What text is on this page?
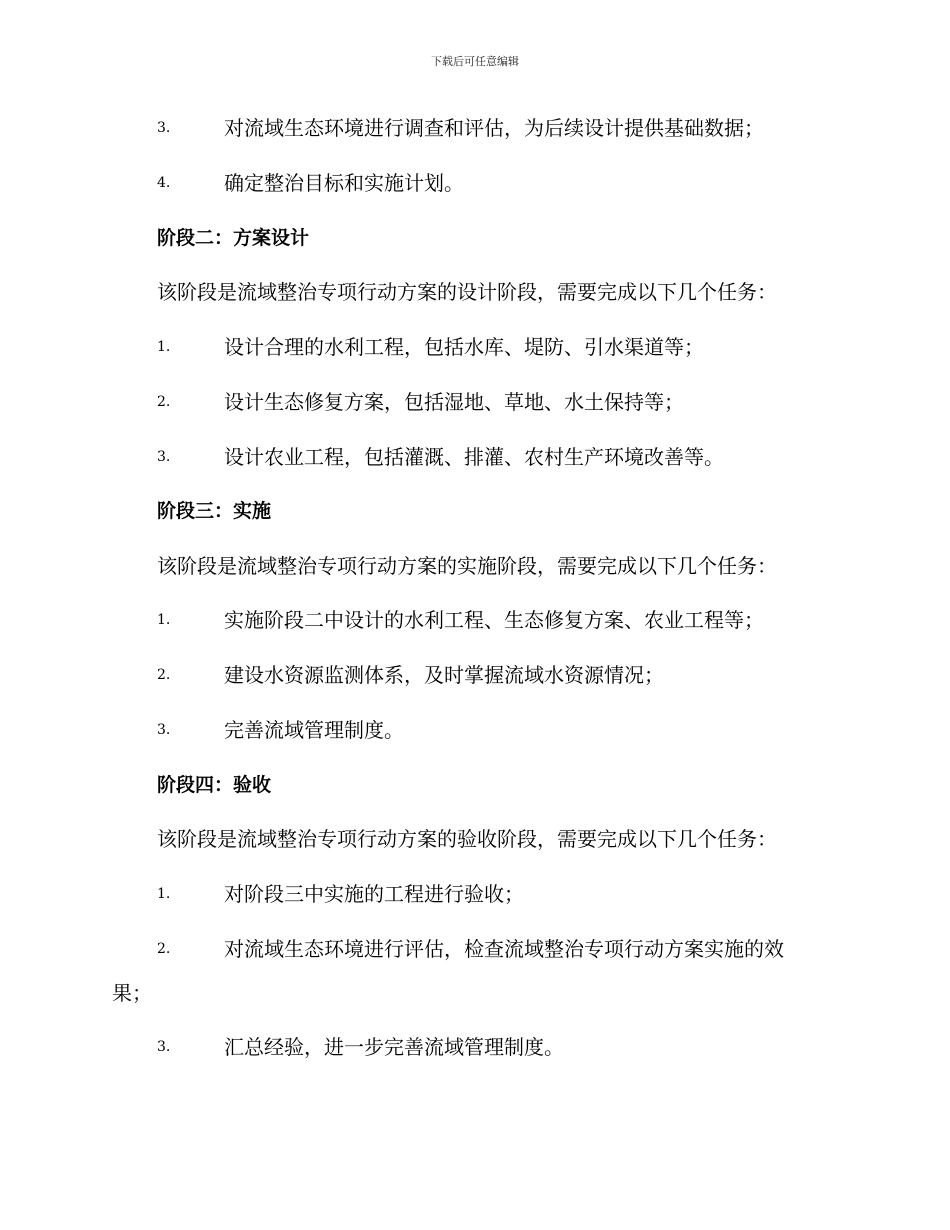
下载后可任意编辑
3.	对流域生态环境进行调查和评估，为后续设计提供基础数据；
4.	确定整治目标和实施计划。
阶段二：方案设计
该阶段是流域整治专项行动方案的设计阶段，需要完成以下几个任务：
1.	设计合理的水利工程，包括水库、堤防、引水渠道等；
2.	设计生态修复方案，包括湿地、草地、水土保持等；
3.	设计农业工程，包括灌溉、排灌、农村生产环境改善等。
阶段三：实施
该阶段是流域整治专项行动方案的实施阶段，需要完成以下几个任务：
1.	实施阶段二中设计的水利工程、生态修复方案、农业工程等；
2.	建设水资源监测体系，及时掌握流域水资源情况；
3.	完善流域管理制度。
阶段四：验收
该阶段是流域整治专项行动方案的验收阶段，需要完成以下几个任务：
1.	对阶段三中实施的工程进行验收；
2.	对流域生态环境进行评估，检查流域整治专项行动方案实施的效
果；
3.	汇总经验，进一步完善流域管理制度。
